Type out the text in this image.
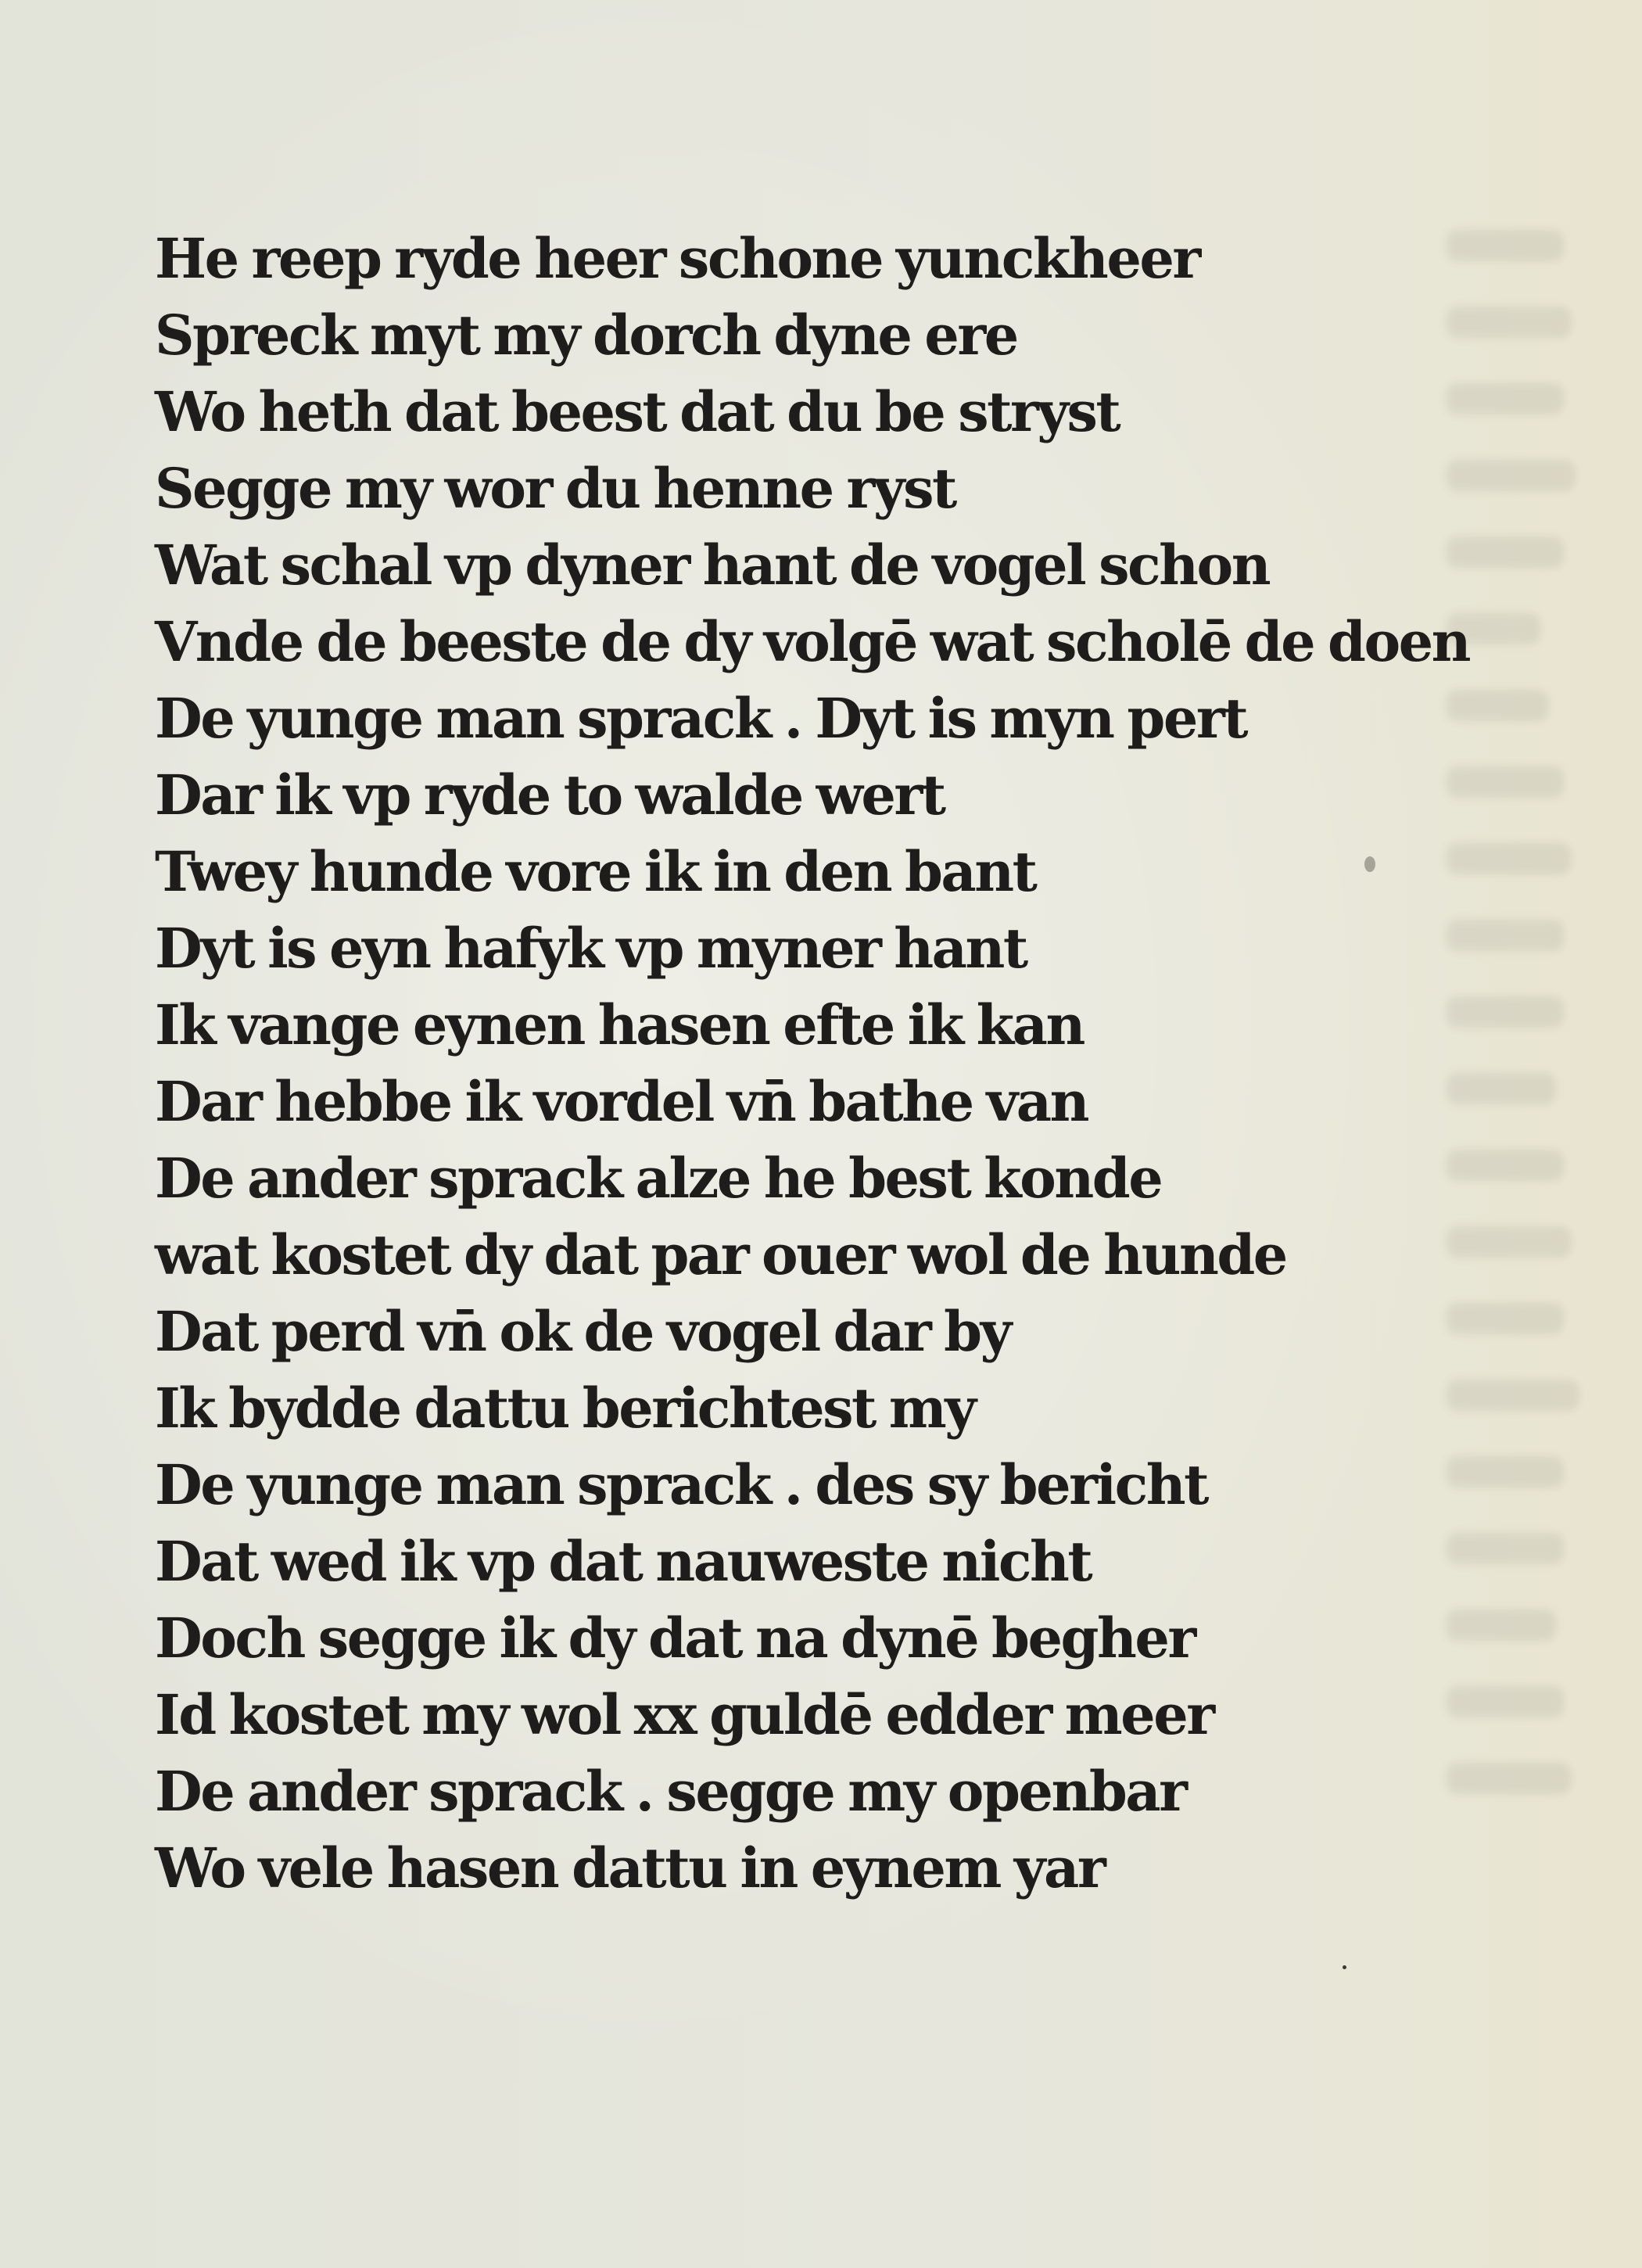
He reep ryde heer schone yunckheer
Spreck myt my dorch dyne ere
Wo heth dat beest dat du be stryst
Segge my wor du henne ryst
Wat schal vp dyner hant de vogel schon
Vnde de beeste de dy volgē wat scholē de doen
De yunge man sprack . Dyt is myn pert
Dar ik vp ryde to walde wert
Twey hunde vore ik in den bant
Dyt is eyn hafyk vp myner hant
Ik vange eynen hasen efte ik kan
Dar hebbe ik vordel vn̄ bathe van
De ander sprack alze he best konde
wat kostet dy dat par ouer wol de hunde
Dat perd vn̄ ok de vogel dar by
Ik bydde dattu berichtest my
De yunge man sprack . des sy bericht
Dat wed ik vp dat nauweste nicht
Doch segge ik dy dat na dynē begher
Id kostet my wol xx guldē edder meer
De ander sprack . segge my openbar
Wo vele hasen dattu in eynem yar
